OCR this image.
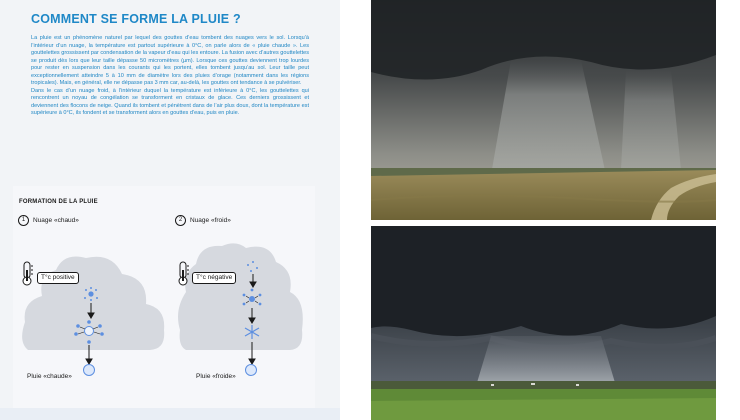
COMMENT SE FORME LA PLUIE ?

La pluie est un phénomène naturel par lequel des gouttes d’eau tombent des nuages vers le sol. Lorsqu’à l’intérieur d’un nuage, la température est partout supérieure à 0°C, on parle alors de « pluie chaude ». Les gouttelettes grossissent par condensation de la vapeur d’eau qui les entoure. La fusion avec d’autres gouttelettes se produit dès lors que leur taille dépasse 50 micromètres (µm). Lorsque ces gouttes deviennent trop lourdes pour rester en suspension dans les courants qui les portent, elles tombent jusqu’au sol. Leur taille peut exceptionnellement atteindre 5 à 10 mm de diamètre lors des pluies d’orage (notamment dans les régions tropicales). Mais, en général, elle ne dépasse pas 3 mm car, au-delà, les gouttes ont tendance à se pulvériser.

Dans le cas d’un nuage froid, à l’intérieur duquel la température est inférieure à 0°C, les gouttelettes qui rencontrent un noyau de congélation se transforment en cristaux de glace. Ces derniers grossissent et deviennent des flocons de neige. Quand ils tombent et pénètrent dans de l’air plus doux, dont la température est supérieure à 0°C, ils fondent et se transforment alors en gouttes d’eau, puis en pluie.

FORMATION DE LA PLUIE
1 Nuage «chaud»	2 Nuage «froid»
T°c positive	T°c négative
Pluie «chaude»	Pluie «froide»
